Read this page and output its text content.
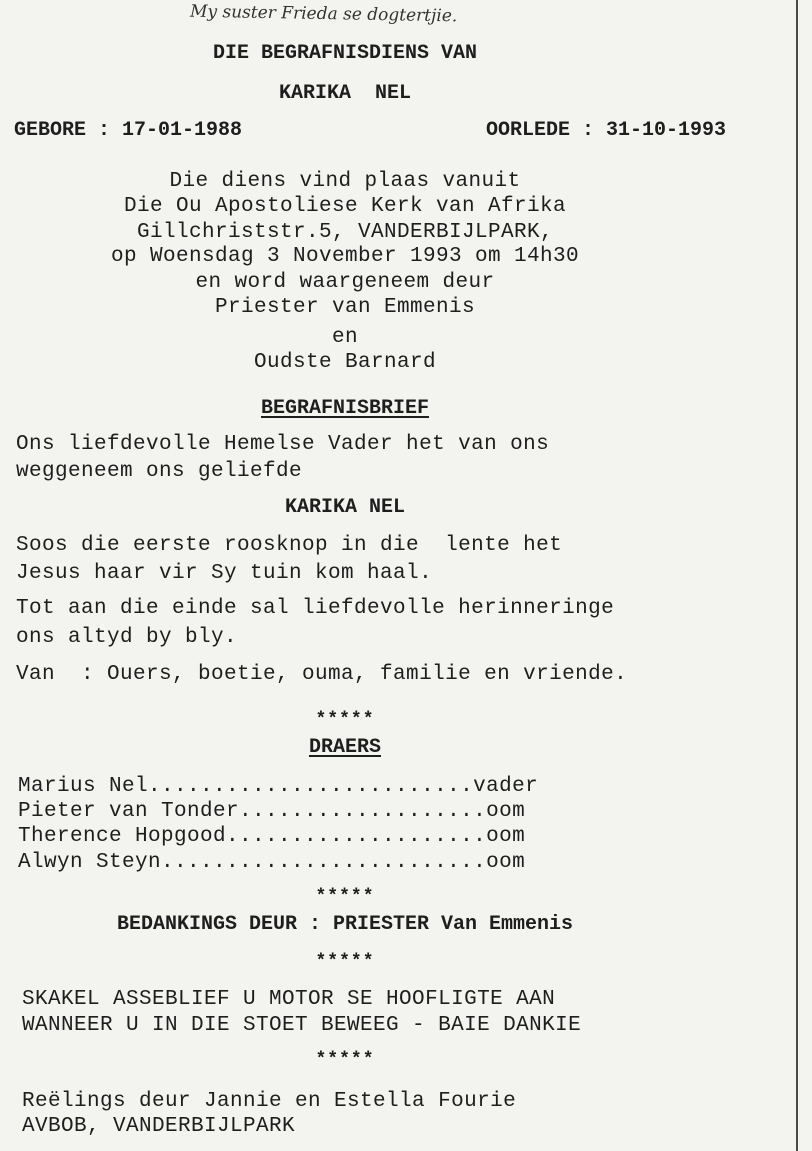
My suster Frieda se dogtertjie.
DIE BEGRAFNISDIENS VAN
KARIKA  NEL
GEBORE : 17-01-1988	OORLEDE : 31-10-1993
Die diens vind plaas vanuit
Die Ou Apostoliese Kerk van Afrika
Gillchriststr.5, VANDERBIJLPARK,
op Woensdag 3 November 1993 om 14h30
en word waargeneem deur
Priester van Emmenis
en
Oudste Barnard
BEGRAFNISBRIEF
Ons liefdevolle Hemelse Vader het van ons
weggeneem ons geliefde
KARIKA NEL
Soos die eerste roosknop in die  lente het
Jesus haar vir Sy tuin kom haal.
Tot aan die einde sal liefdevolle herinneringe
ons altyd by bly.
Van  : Ouers, boetie, ouma, familie en vriende.
*****
DRAERS
Marius Nel.........................vader
Pieter van Tonder...................oom
Therence Hopgood....................oom
Alwyn Steyn.........................oom
*****
BEDANKINGS DEUR : PRIESTER Van Emmenis
*****
SKAKEL ASSEBLIEF U MOTOR SE HOOFLIGTE AAN
WANNEER U IN DIE STOET BEWEEG - BAIE DANKIE
*****
Reëlings deur Jannie en Estella Fourie
AVBOB, VANDERBIJLPARK
